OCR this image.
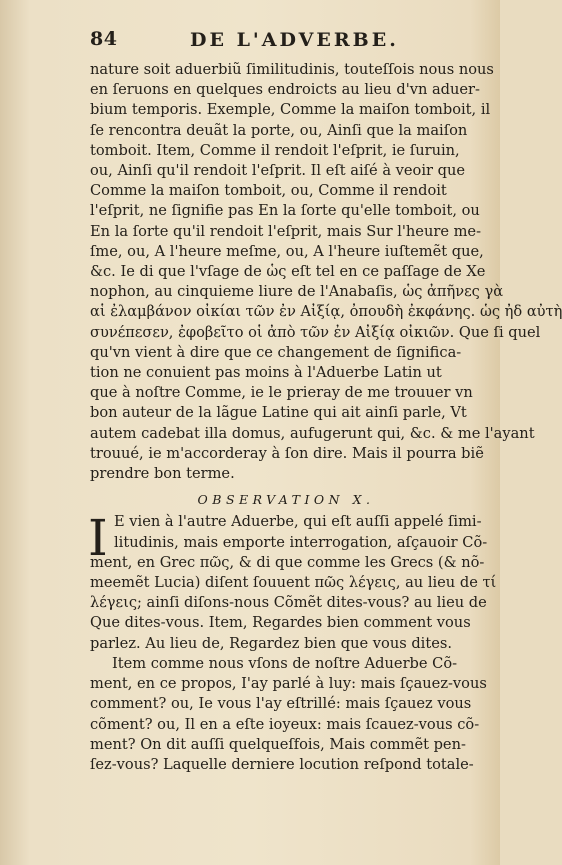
84	DE L'ADVERBE.
nature soit aduerbiũ ſimilitudinis, touteſſois nous nous
en ſeruons en quelques endroicts au lieu d'vn aduer-
bium temporis. Exemple, Comme la maiſon tomboit, il
ſe rencontra deuãt la porte, ou, Ainſi que la maiſon
tomboit. Item, Comme il rendoit l'eſprit, ie ſuruin,
ou, Ainſi qu'il rendoit l'eſprit. Il eſt aiſé à veoir que
Comme la maiſon tomboit, ou, Comme il rendoit
l'eſprit, ne ſignifie pas En la ſorte qu'elle tomboit, ou
En la ſorte qu'il rendoit l'eſprit, mais Sur l'heure me-
ſme, ou, A l'heure meſme, ou, A l'heure iuſtemẽt que,
&c. Ie di que l'vſage de ὡς eſt tel en ce paſſage de Xe
nophon, au cinquieme liure de l'Anabaſis, ὡς ἀπῆνες γὰ
αἱ ἐλαμβάνον οἰκίαι τῶν ἐν Αἰξίᾳ, ὀπουδὴ ἐκφάνης. ὡς ἠδ αὐτὴ
συνέπεσεν, ἐφοβεῖτο οἱ ἀπὸ τῶν ἐν Αἰξίᾳ οἰκιῶν. Que ſi quel
qu'vn vient à dire que ce changement de ſignifica-
tion ne conuient pas moins à l'Aduerbe Latin ut
que à noſtre Comme, ie le prieray de me trouuer vn
bon auteur de la lãgue Latine qui ait ainſi parle, Vt
autem cadebat illa domus, aufugerunt qui, &c. & me l'ayant
trouué, ie m'accorderay à ſon dire. Mais il pourra biẽ
prendre bon terme.
OBSERVATION X.
I E vien à l'autre Aduerbe, qui eſt auſſi appelé ſimi-
litudinis, mais emporte interrogation, aſçauoir Cõ-
ment, en Grec πῶς, & di que comme les Grecs (& nõ-
meemẽt Lucia) diſent ſouuent πῶς λέγεις, au lieu de τί
λέγεις; ainſi diſons-nous Cõmẽt dites-vous? au lieu de
Que dites-vous. Item, Regardes bien comment vous
parlez. Au lieu de, Regardez bien que vous dites.
Item comme nous vſons de noſtre Aduerbe Cõ-
ment, en ce propos, I'ay parlé à luy: mais ſçauez-vous
comment? ou, Ie vous l'ay eſtrillé: mais ſçauez vous
cõment? ou, Il en a eſte ioyeux: mais ſcauez-vous cõ-
ment? On dit auſſi quelqueſfois, Mais commẽt pen-
ſez-vous? Laquelle derniere locution reſpond totale-
